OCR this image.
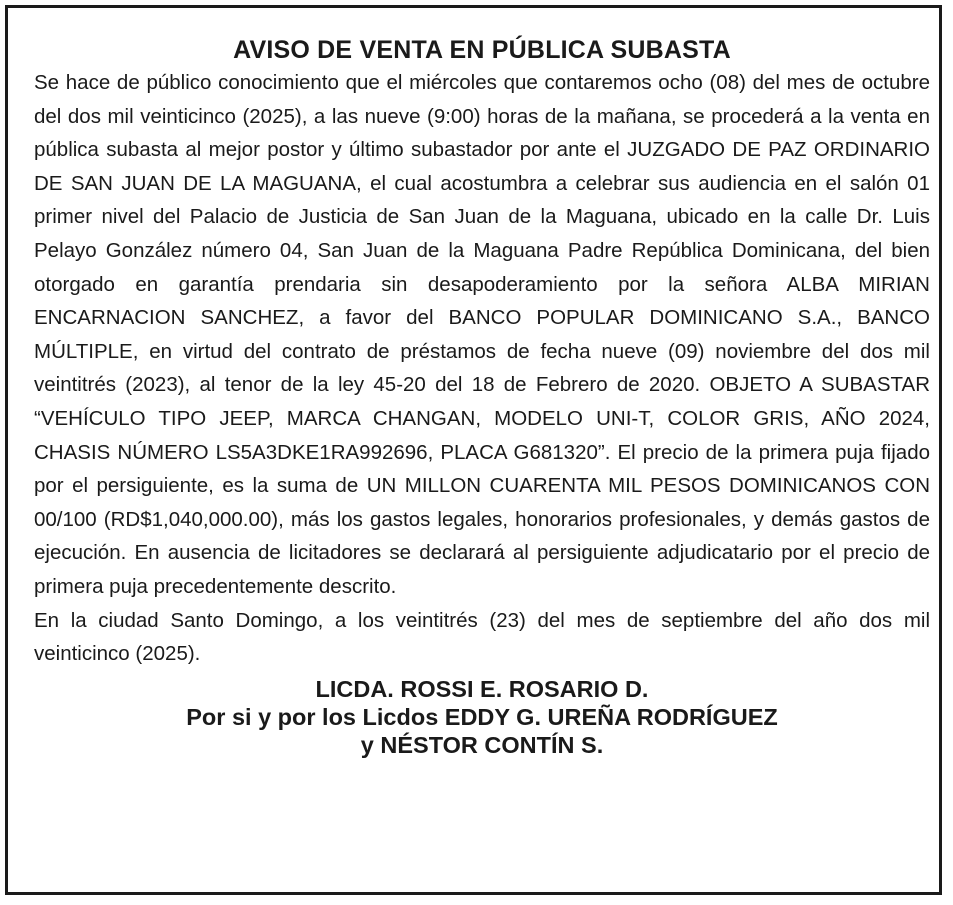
AVISO DE VENTA EN PÚBLICA SUBASTA

Se hace de público conocimiento que el miércoles que contaremos ocho (08) del mes de octubre del dos mil veinticinco (2025), a las nueve (9:00) horas de la mañana, se procederá a la venta en pública subasta al mejor postor y último subastador por ante el JUZGADO DE PAZ ORDINARIO DE SAN JUAN DE LA MAGUANA, el cual acostumbra a celebrar sus audiencia en el salón 01 primer nivel del Palacio de Justicia de San Juan de la Maguana, ubicado en la calle Dr. Luis Pelayo González número 04, San Juan de la Maguana Padre República Dominicana, del bien otorgado en garantía prendaria sin desapoderamiento por la señora ALBA MIRIAN ENCARNACION SANCHEZ, a favor del BANCO POPULAR DOMINICANO S.A., BANCO MÚLTIPLE, en virtud del contrato de préstamos de fecha nueve (09) noviembre del dos mil veintitrés (2023), al tenor de la ley 45-20 del 18 de Febrero de 2020. OBJETO A SUBASTAR “VEHÍCULO TIPO JEEP, MARCA CHANGAN, MODELO UNI-T, COLOR GRIS, AÑO 2024, CHASIS NÚMERO LS5A3DKE1RA992696, PLACA G681320”. El precio de la primera puja fijado por el persiguiente, es la suma de UN MILLON CUARENTA MIL PESOS DOMINICANOS CON 00/100 (RD$1,040,000.00), más los gastos legales, honorarios profesionales, y demás gastos de ejecución. En ausencia de licitadores se declarará al persiguiente adjudicatario por el precio de primera puja precedentemente descrito.

En la ciudad Santo Domingo, a los veintitrés (23) del mes de septiembre del año dos mil veinticinco (2025).

LICDA. ROSSI E. ROSARIO D.
Por si y por los Licdos EDDY G. UREÑA RODRÍGUEZ
y NÉSTOR CONTÍN S.
